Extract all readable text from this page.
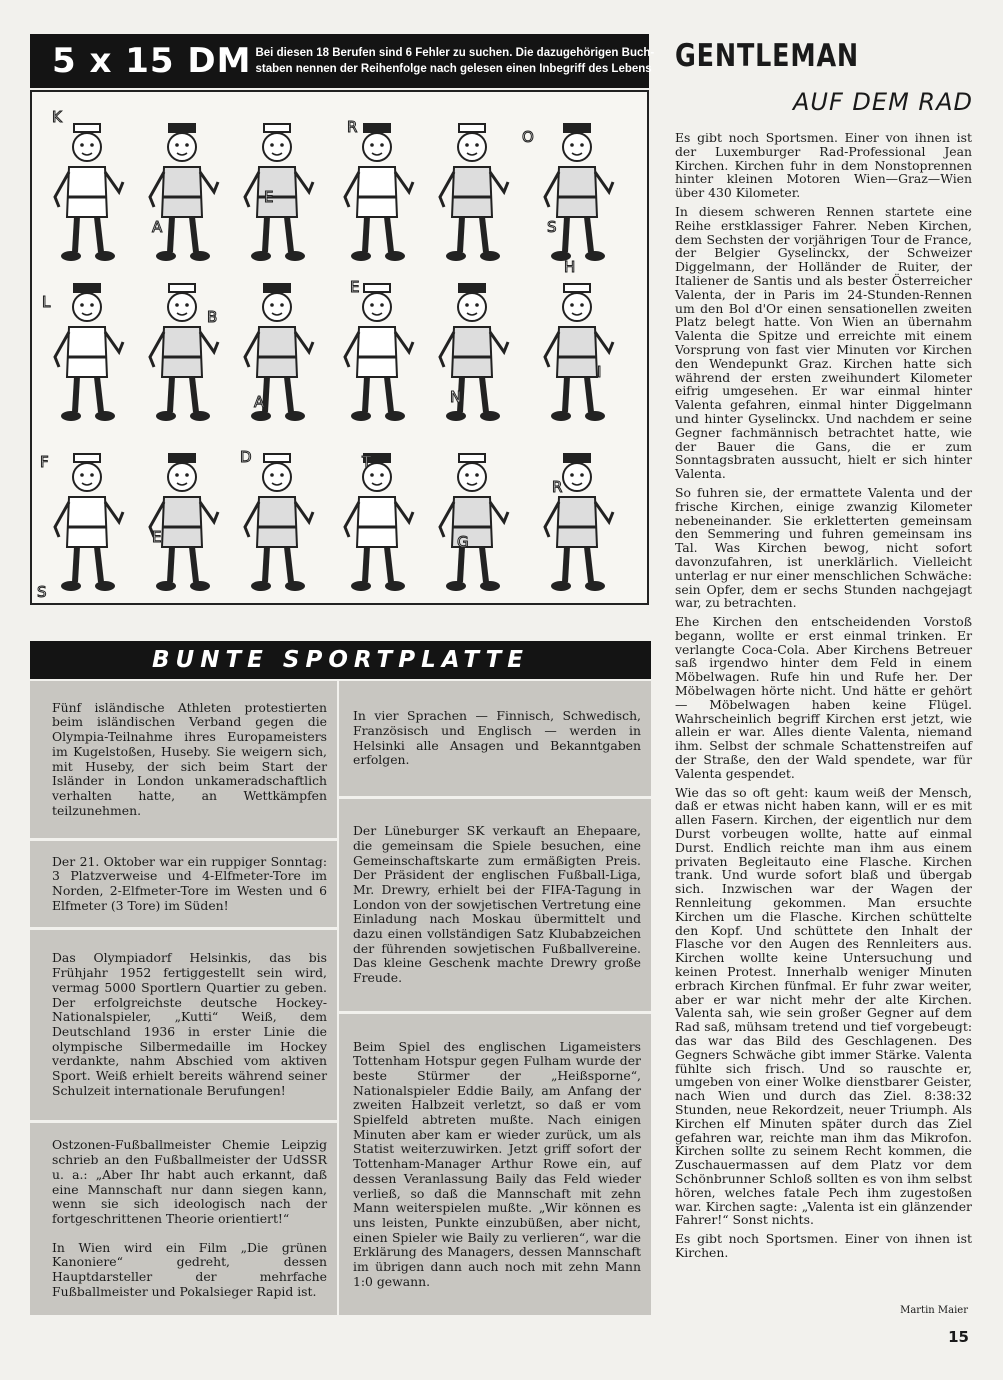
5 x 15 DM Bei diesen 18 Berufen sind 6 Fehler zu suchen. Die dazugehörigen Buch-
staben nennen der Reihenfolge nach gelesen einen Inbegriff des Lebens
K
A
E
R
O
S
L
B
A
E
N
H
I
F
E
D	T
G
R
S
BUNTE SPORTPLATTE

Fünf isländische Athleten protestierten beim isländischen Verband gegen die Olympia-Teilnahme ihres Europameisters im Kugelstoßen, Huseby. Sie weigern sich, mit Huseby, der sich beim Start der Isländer in London unkameradschaftlich verhalten hatte, an Wettkämpfen teilzunehmen.

Der 21. Oktober war ein ruppiger Sonntag: 3 Platzverweise und 4-Elfmeter-Tore im Norden, 2-Elfmeter-Tore im Westen und 6 Elfmeter (3 Tore) im Süden!

Das Olympiadorf Helsinkis, das bis Frühjahr 1952 fertiggestellt sein wird, vermag 5000 Sportlern Quartier zu geben. Der erfolgreichste deutsche Hockey-Nationalspieler, „Kutti“ Weiß, dem Deutschland 1936 in erster Linie die olympische Silbermedaille im Hockey verdankte, nahm Abschied vom aktiven Sport. Weiß erhielt bereits während seiner Schulzeit internationale Berufungen!

Ostzonen-Fußballmeister Chemie Leipzig schrieb an den Fußballmeister der UdSSR u. a.: „Aber Ihr habt auch erkannt, daß eine Mannschaft nur dann siegen kann, wenn sie sich ideologisch nach der fortgeschrittenen Theorie orientiert!“

In Wien wird ein Film „Die grünen Kanoniere“ gedreht, dessen Hauptdarsteller der mehrfache Fußballmeister und Pokalsieger Rapid ist.

In vier Sprachen — Finnisch, Schwedisch, Französisch und Englisch — werden in Helsinki alle Ansagen und Bekanntgaben erfolgen.

Der Lüneburger SK verkauft an Ehepaare, die gemeinsam die Spiele besuchen, eine Gemeinschaftskarte zum ermäßigten Preis. Der Präsident der englischen Fußball-Liga, Mr. Drewry, erhielt bei der FIFA-Tagung in London von der sowjetischen Vertretung eine Einladung nach Moskau übermittelt und dazu einen vollständigen Satz Klubabzeichen der führenden sowjetischen Fußballvereine. Das kleine Geschenk machte Drewry große Freude.

Beim Spiel des englischen Ligameisters Tottenham Hotspur gegen Fulham wurde der beste Stürmer der „Heißsporne“, Nationalspieler Eddie Baily, am Anfang der zweiten Halbzeit verletzt, so daß er vom Spielfeld abtreten mußte. Nach einigen Minuten aber kam er wieder zurück, um als Statist weiterzuwirken. Jetzt griff sofort der Tottenham-Manager Arthur Rowe ein, auf dessen Veranlassung Baily das Feld wieder verließ, so daß die Mannschaft mit zehn Mann weiterspielen mußte. „Wir können es uns leisten, Punkte einzubüßen, aber nicht, einen Spieler wie Baily zu verlieren“, war die Erklärung des Managers, dessen Mannschaft im übrigen dann auch noch mit zehn Mann 1:0 gewann.

GENTLEMAN
AUF DEM RAD

Es gibt noch Sportsmen. Einer von ihnen ist der Luxemburger Rad-Professional Jean Kirchen. Kirchen fuhr in dem Nonstoprennen hinter kleinen Motoren Wien—Graz—Wien über 430 Kilometer.

In diesem schweren Rennen startete eine Reihe erstklassiger Fahrer. Neben Kirchen, dem Sechsten der vorjährigen Tour de France, der Belgier Gyselinckx, der Schweizer Diggelmann, der Holländer de Ruiter, der Italiener de Santis und als bester Österreicher Valenta, der in Paris im 24-Stunden-Rennen um den Bol d'Or einen sensationellen zweiten Platz belegt hatte. Von Wien an übernahm Valenta die Spitze und erreichte mit einem Vorsprung von fast vier Minuten vor Kirchen den Wendepunkt Graz. Kirchen hatte sich während der ersten zweihundert Kilometer eifrig umgesehen. Er war einmal hinter Valenta gefahren, einmal hinter Diggelmann und hinter Gyselinckx. Und nachdem er seine Gegner fachmännisch betrachtet hatte, wie der Bauer die Gans, die er zum Sonntagsbraten aussucht, hielt er sich hinter Valenta.

So fuhren sie, der ermattete Valenta und der frische Kirchen, einige zwanzig Kilometer nebeneinander. Sie erkletterten gemeinsam den Semmering und fuhren gemeinsam ins Tal. Was Kirchen bewog, nicht sofort davonzufahren, ist unerklärlich. Vielleicht unterlag er nur einer menschlichen Schwäche: sein Opfer, dem er sechs Stunden nachgejagt war, zu betrachten.

Ehe Kirchen den entscheidenden Vorstoß begann, wollte er erst einmal trinken. Er verlangte Coca-Cola. Aber Kirchens Betreuer saß irgendwo hinter dem Feld in einem Möbelwagen. Rufe hin und Rufe her. Der Möbelwagen hörte nicht. Und hätte er gehört — Möbelwagen haben keine Flügel. Wahrscheinlich begriff Kirchen erst jetzt, wie allein er war. Alles diente Valenta, niemand ihm. Selbst der schmale Schattenstreifen auf der Straße, den der Wald spendete, war für Valenta gespendet.

Wie das so oft geht: kaum weiß der Mensch, daß er etwas nicht haben kann, will er es mit allen Fasern. Kirchen, der eigentlich nur dem Durst vorbeugen wollte, hatte auf einmal Durst. Endlich reichte man ihm aus einem privaten Begleitauto eine Flasche. Kirchen trank. Und wurde sofort blaß und übergab sich. Inzwischen war der Wagen der Rennleitung gekommen. Man ersuchte Kirchen um die Flasche. Kirchen schüttelte den Kopf. Und schüttete den Inhalt der Flasche vor den Augen des Rennleiters aus. Kirchen wollte keine Untersuchung und keinen Protest. Innerhalb weniger Minuten erbrach Kirchen fünfmal. Er fuhr zwar weiter, aber er war nicht mehr der alte Kirchen. Valenta sah, wie sein großer Gegner auf dem Rad saß, mühsam tretend und tief vorgebeugt: das war das Bild des Geschlagenen. Des Gegners Schwäche gibt immer Stärke. Valenta fühlte sich frisch. Und so rauschte er, umgeben von einer Wolke dienstbarer Geister, nach Wien und durch das Ziel. 8:38:32 Stunden, neue Rekordzeit, neuer Triumph. Als Kirchen elf Minuten später durch das Ziel gefahren war, reichte man ihm das Mikrofon. Kirchen sollte zu seinem Recht kommen, die Zuschauermassen auf dem Platz vor dem Schönbrunner Schloß sollten es von ihm selbst hören, welches fatale Pech ihm zugestoßen war. Kirchen sagte: „Valenta ist ein glänzender Fahrer!“ Sonst nichts.

Es gibt noch Sportsmen. Einer von ihnen ist Kirchen.

Martin Maier
15
